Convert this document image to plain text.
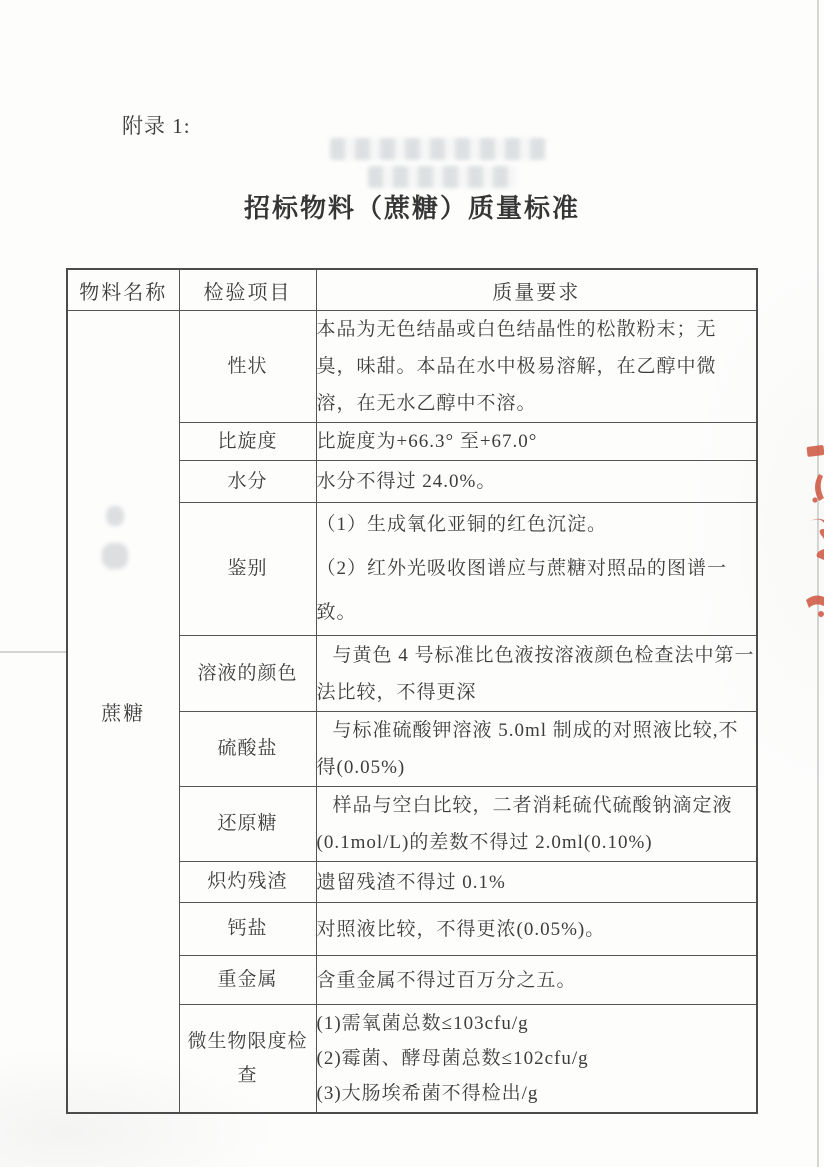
附录 1:
招标物料（蔗糖）质量标准
物料名称	检验项目	质量要求
蔗糖	性状	本品为无色结晶或白色结晶性的松散粉末；无臭，味甜。本品在水中极易溶解，在乙醇中微溶，在无水乙醇中不溶。
	比旋度	比旋度为+66.3° 至+67.0°
	水分	水分不得过 24.0%。
	鉴别	（1）生成氧化亚铜的红色沉淀。
（2）红外光吸收图谱应与蔗糖对照品的图谱一致。

	溶液的颜色	与黄色 4 号标准比色液按溶液颜色检查法中第一法比较，不得更深
	硫酸盐	与标准硫酸钾溶液 5.0ml 制成的对照液比较,不得(0.05%)
	还原糖	样品与空白比较，二者消耗硫代硫酸钠滴定液(0.1mol/L)的差数不得过 2.0ml(0.10%)
	炽灼残渣	遗留残渣不得过 0.1%
	钙盐	对照液比较，不得更浓(0.05%)。
	重金属	含重金属不得过百万分之五。
	微生物限度检查	(1)需氧菌总数≤103cfu/g
(2)霉菌、酵母菌总数≤102cfu/g
(3)大肠埃希菌不得检出/g
